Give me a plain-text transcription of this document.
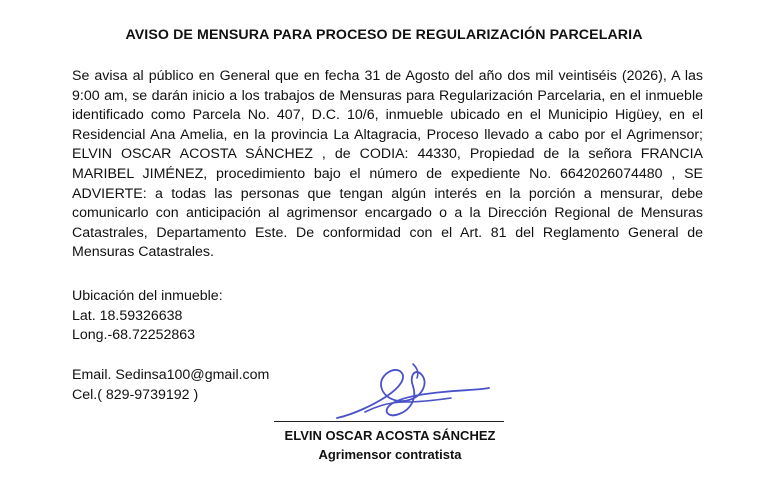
AVISO DE MENSURA PARA PROCESO DE REGULARIZACIÓN PARCELARIA

Se avisa al público en General que en fecha 31 de Agosto del año dos mil veintiséis (2026), A las 9:00 am, se darán inicio a los trabajos de Mensuras para Regularización Parcelaria, en el inmueble identificado como Parcela No. 407, D.C. 10/6, inmueble ubicado en el Municipio Higüey, en el Residencial Ana Amelia, en la provincia La Altagracia, Proceso llevado a cabo por el Agrimensor; ELVIN OSCAR ACOSTA SÁNCHEZ , de CODIA: 44330, Propiedad de la señora FRANCIA MARIBEL JIMÉNEZ, procedimiento bajo el número de expediente No. 6642026074480 , SE ADVIERTE: a todas las personas que tengan algún interés en la porción a mensurar, debe comunicarlo con anticipación al agrimensor encargado o a la Dirección Regional de Mensuras Catastrales, Departamento Este. De conformidad con el Art. 81 del Reglamento General de Mensuras Catastrales.

Ubicación del inmueble:
Lat. 18.59326638
Long.-68.72252863
Email. Sedinsa100@gmail.com
Cel.( 829-9739192 )
ELVIN OSCAR ACOSTA SÁNCHEZ
Agrimensor contratista
